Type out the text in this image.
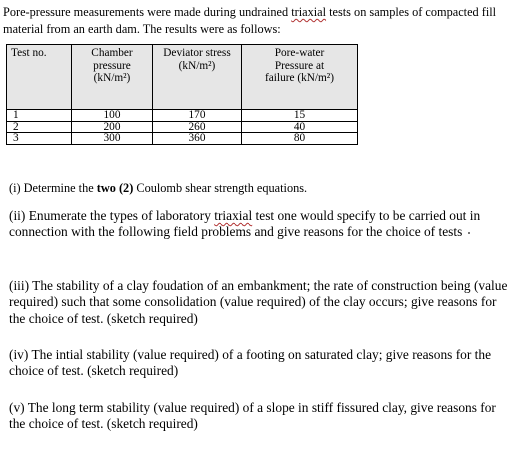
Pore-pressure measurements were made during undrained triaxial tests on samples of compacted fill material from an earth dam. The results were as follows:
Test no.	Chamber pressure (kN/m²)	Deviator stress (kN/m²)	Pore-water Pressure at failure (kN/m²)

1	100	170	15
2	200	260	40
3	300	360	80
(i) Determine the two (2) Coulomb shear strength equations.
(ii) Enumerate the types of laboratory triaxial test one would specify to be carried out in connection with the following field problems and give reasons for the choice of tests
(iii) The stability of a clay foudation of an embankment; the rate of construction being (value required) such that some consolidation (value required) of the clay occurs; give reasons for the choice of test. (sketch required)
(iv) The intial stability (value required) of a footing on saturated clay; give reasons for the choice of test. (sketch required)
(v) The long term stability (value required) of a slope in stiff fissured clay, give reasons for the choice of test. (sketch required)
